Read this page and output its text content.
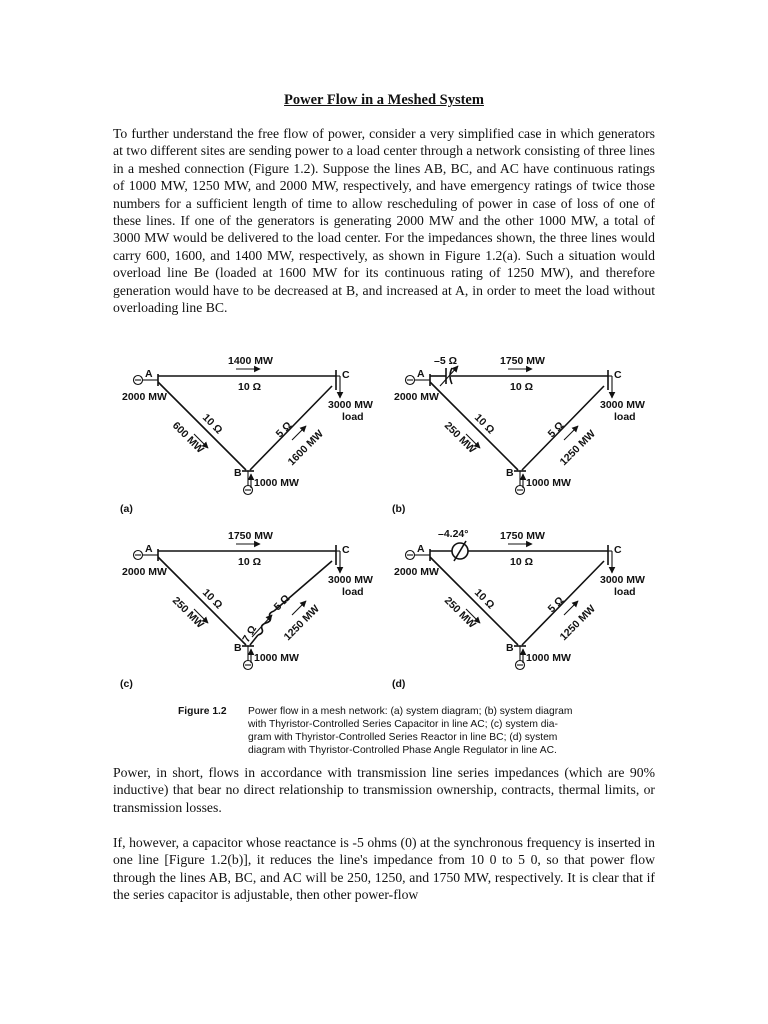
Power Flow in a Meshed System
To further understand the free flow of power, consider a very simplified case in which generators at two different sites are sending power to a load center through a network consisting of three lines in a meshed connection (Figure 1.2). Suppose the lines AB, BC, and AC have continuous ratings of 1000 MW, 1250 MW, and 2000 MW, respectively, and have emergency ratings of twice those numbers for a sufficient length of time to allow rescheduling of power in case of loss of one of these lines. If one of the generators is generating 2000 MW and the other 1000 MW, a total of 3000 MW would be delivered to the load center. For the impedances shown, the three lines would carry 600, 1600, and 1400 MW, respectively, as shown in Figure 1.2(a). Such a situation would overload line Be (loaded at 1600 MW for its continuous rating of 1250 MW), and therefore generation would have to be decreased at B, and increased at A, in order to meet the load without overloading line BC.
A	C
B
1000 MW
2000 MW
1400 MW
10 Ω
3000 MW
load
10 Ω
600 MW	5 Ω
1600 MW
(a)
A	C
B
1000 MW
2000 MW
–5 Ω	1750 MW
10 Ω
3000 MW
load
10 Ω
250 MW	5 Ω
1250 MW
(b)
A	C
B
1000 MW
2000 MW
1750 MW
10 Ω
3000 MW
load
10 Ω
250 MW	5 Ω
1250 MW
7 Ω
(c)
A	C
B
1000 MW
2000 MW
–4.24°	1750 MW
10 Ω
3000 MW
load
10 Ω
250 MW	5 Ω
1250 MW
(d)
Figure 1.2 Power flow in a mesh network: (a) system diagram; (b) system diagram
with Thyristor-Controlled Series Capacitor in line AC; (c) system dia-
gram with Thyristor-Controlled Series Reactor in line BC; (d) system
diagram with Thyristor-Controlled Phase Angle Regulator in line AC.
Power, in short, flows in accordance with transmission line series impedances (which are 90% inductive) that bear no direct relationship to transmission ownership, contracts, thermal limits, or transmission losses.
If, however, a capacitor whose reactance is -5 ohms (0) at the synchronous frequency is inserted in one line [Figure 1.2(b)], it reduces the line's impedance from 10 0 to 5 0, so that power flow through the lines AB, BC, and AC will be 250, 1250, and 1750 MW, respectively. It is clear that if the series capacitor is adjustable, then other power-flow
